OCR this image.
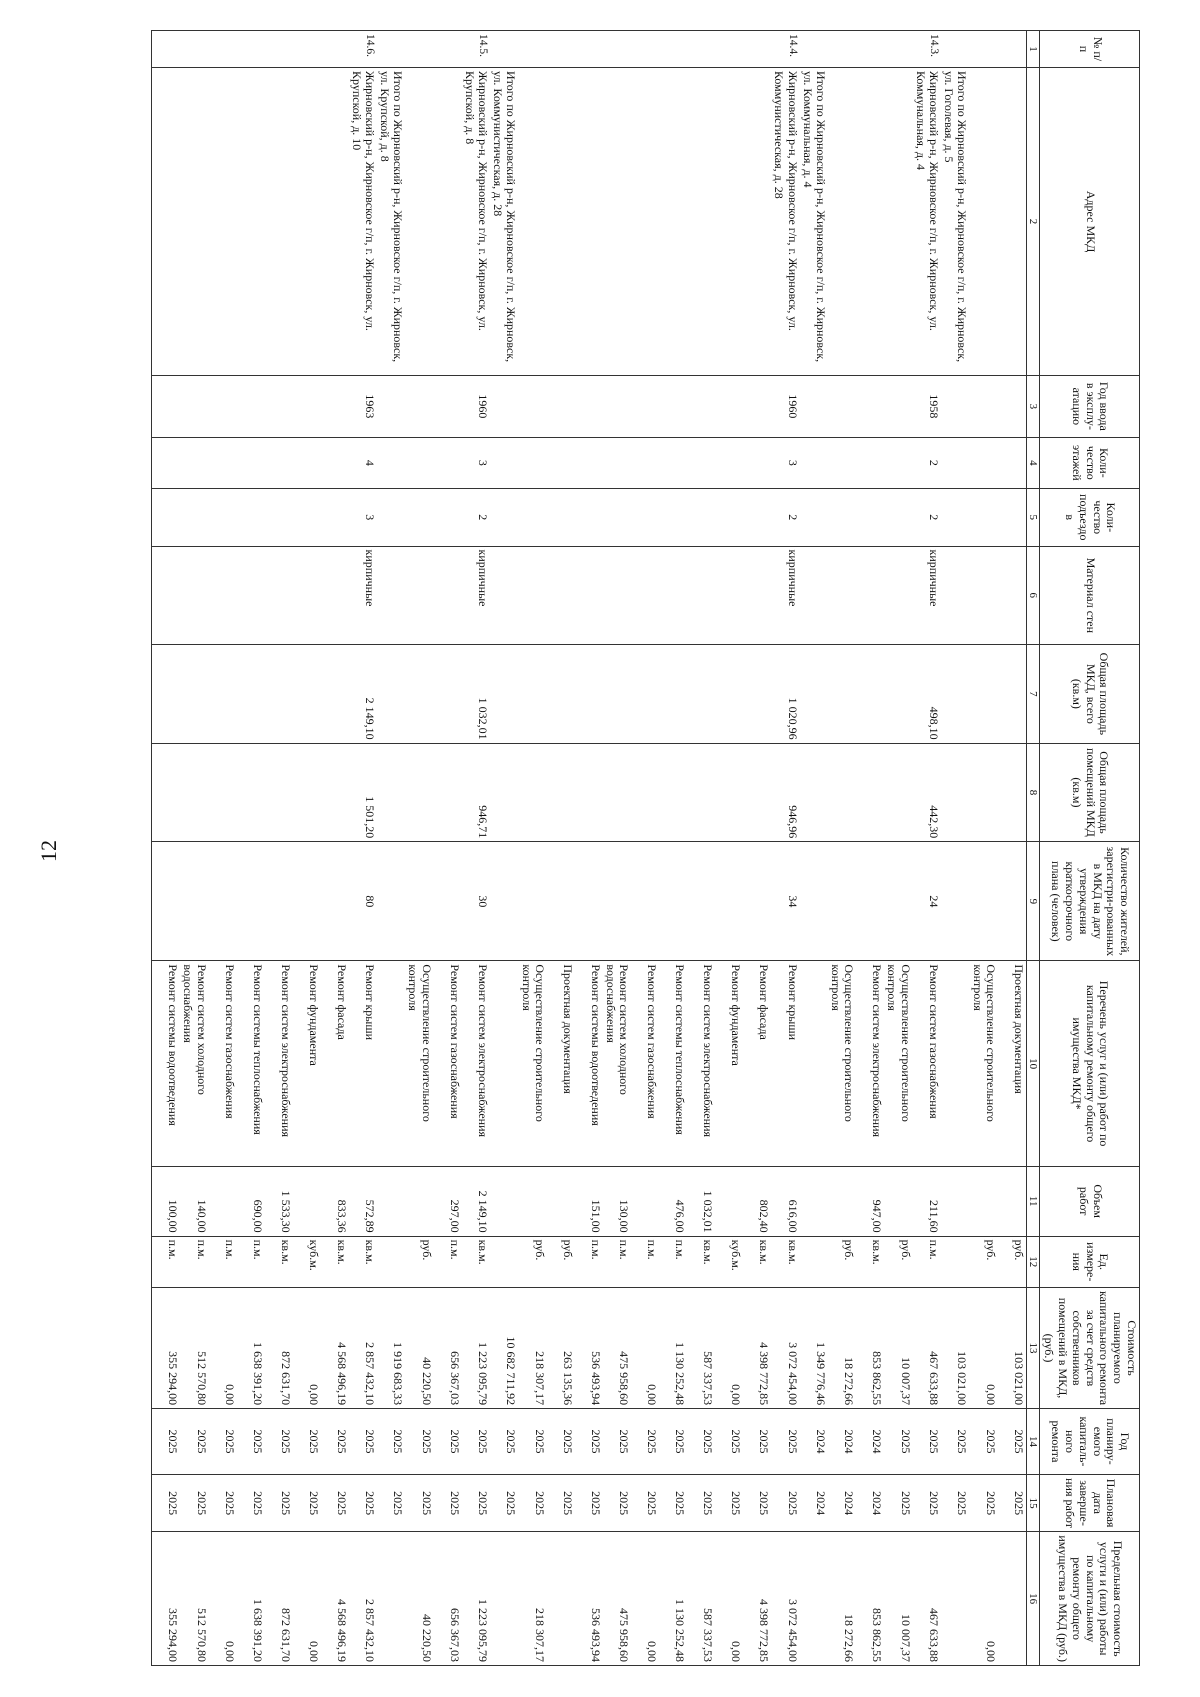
12
№ п/п	Адрес МКД	Год ввода в эксплу-атацию	Коли-чество этажей	Коли-чество подъездо в	Материал стен	Общая площадь МКД, всего (кв.м)	Общая площадь помещений МКД (кв.м)	Количество жителей, зарегистри-рованных в МКД на дату утверждения краткосрочного плана (человек)	Перечень услуг и (или) работ по капитальному ремонту общего имущества МКД*	Объем работ	Ед. измере-ния	Стоимость планируемого капитального ремонта за счет средств собственников помещений в МКД, (руб.)	Год планиру-емого капиталь-ного ремонта	Плановая дата заверше-ния работ	Предельная стоимость услуги и (или) работы по капитальному ремонту общего имущества в МКД (руб.)
1	2	3	4	5	6	7	8	9	10	11	12	13	14	15	16
									Проектная документация		руб.	103 021,00	2025	2025	
									Осуществление строительного контроля		руб.	0,00	2025	2025	0,00
	Итого по Жирновский р-н, Жирновское г/п, г. Жирновск, ул. Гоголевая, д. 5											103 021,00	2025	2025	
14.3.	Жирновский р-н, Жирновское г/п, г. Жирновск, ул. Коммунальная, д. 4	1958	2	2	кирпичные	498,10	442,30	24	Ремонт систем газоснабжения	211,60	п.м.	467 633,88	2025	2025	467 633,88
									Осуществление строительного контроля		руб.	10 007,37	2025	2025	10 007,37
									Ремонт систем электроснабжения	947,00	кв.м.	853 862,55	2024	2024	853 862,55
									Осуществление строительного контроля		руб.	18 272,66	2024	2024	18 272,66
	Итого по Жирновский р-н, Жирновское г/п, г. Жирновск, ул. Коммунальная, д. 4											1 349 776,46	2024	2024	
14.4.	Жирновский р-н, Жирновское г/п, г. Жирновск, ул. Коммунистическая, д. 28	1960	3	2	кирпичные	1 020,96	946,96	34	Ремонт крыши	616,00	кв.м.	3 072 454,00	2025	2025	3 072 454,00
									Ремонт фасада	802,40	кв.м.	4 398 772,85	2025	2025	4 398 772,85
									Ремонт фундамента		куб.м.	0,00	2025	2025	0,00
									Ремонт систем электроснабжения	1 032,01	кв.м.	587 337,53	2025	2025	587 337,53
									Ремонт системы теплоснабжения	476,00	п.м.	1 130 252,48	2025	2025	1 130 252,48
									Ремонт систем газоснабжения		п.м.	0,00	2025	2025	0,00
									Ремонт систем холодного водоснабжения	130,00	п.м.	475 958,60	2025	2025	475 958,60
									Ремонт системы водоотведения	151,00	п.м.	536 493,94	2025	2025	536 493,94
									Проектная документация		руб.	263 135,36	2025	2025	
									Осуществление строительного контроля		руб.	218 307,17	2025	2025	218 307,17
	Итого по Жирновский р-н, Жирновское г/п, г. Жирновск, ул. Коммунистическая, д. 28											10 682 711,92	2025	2025	
14.5.	Жирновский р-н, Жирновское г/п, г. Жирновск, ул. Крупской, д. 8	1960	3	2	кирпичные	1 032,01	946,71	30	Ремонт систем электроснабжения	2 149,10	кв.м.	1 223 095,79	2025	2025	1 223 095,79
									Ремонт систем газоснабжения	297,00	п.м.	656 367,03	2025	2025	656 367,03
									Осуществление строительного контроля		руб.	40 220,50	2025	2025	40 220,50
	Итого по Жирновский р-н, Жирновское г/п, г. Жирновск, ул. Крупской, д. 8											1 919 683,33	2025	2025	
14.6.	Жирновский р-н, Жирновское г/п, г. Жирновск, ул. Крупской, д. 10	1963	4	3	кирпичные	2 149,10	1 501,20	80	Ремонт крыши	572,89	кв.м.	2 857 432,10	2025	2025	2 857 432,10
									Ремонт фасада	833,36	кв.м.	4 568 496,19	2025	2025	4 568 496,19
									Ремонт фундамента		куб.м.	0,00	2025	2025	0,00
									Ремонт систем электроснабжения	1 533,30	кв.м.	872 631,70	2025	2025	872 631,70
									Ремонт системы теплоснабжения	690,00	п.м.	1 638 391,20	2025	2025	1 638 391,20
									Ремонт систем газоснабжения		п.м.	0,00	2025	2025	0,00
									Ремонт систем холодного водоснабжения	140,00	п.м.	512 570,80	2025	2025	512 570,80
									Ремонт системы водоотведения	100,00	п.м.	355 294,00	2025	2025	355 294,00
